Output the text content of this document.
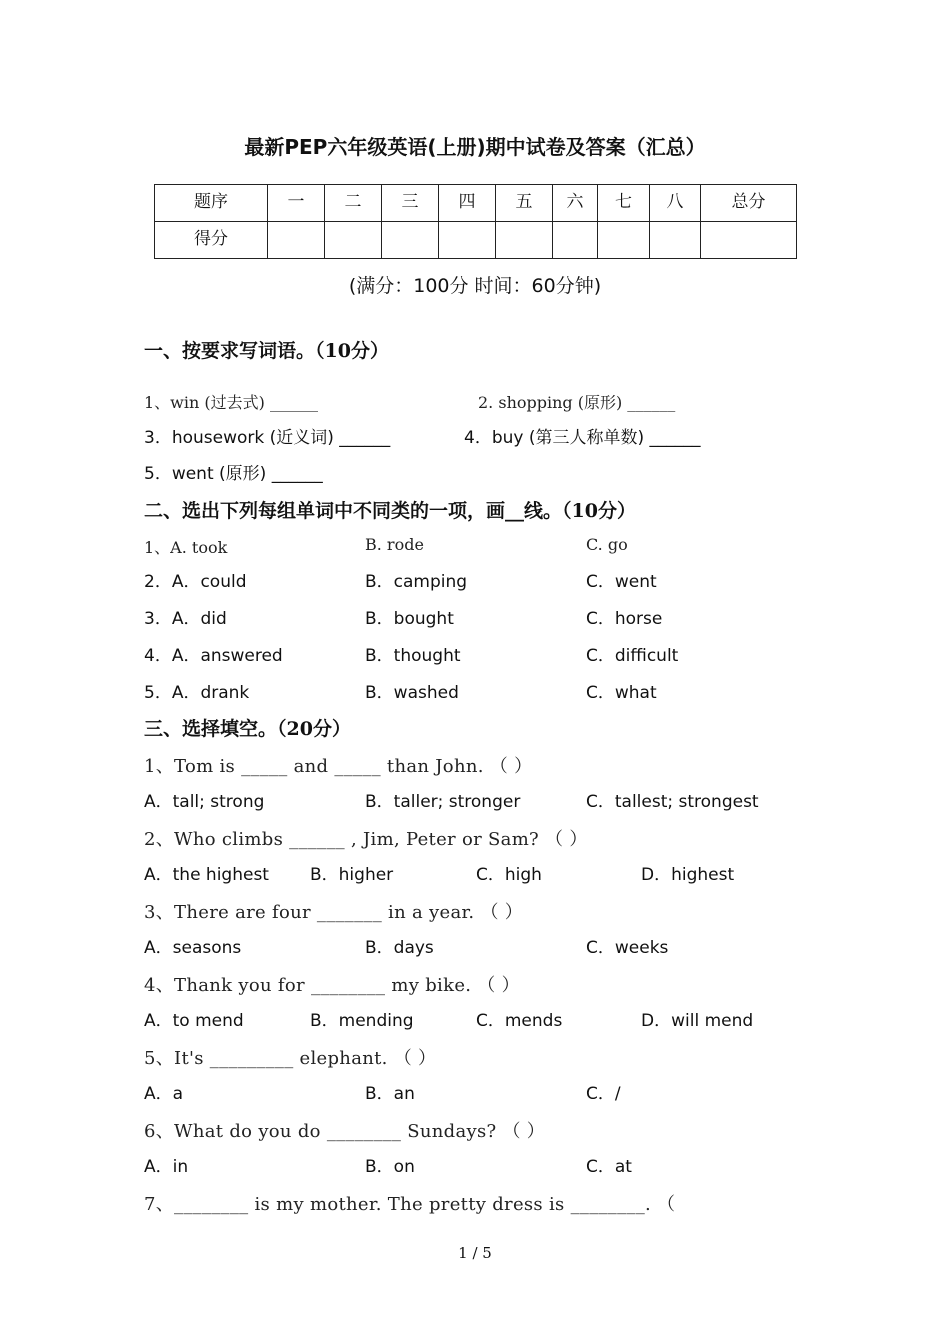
最新PEP六年级英语(上册)期中试卷及答案（汇总）
题序	一	二	三	四	五	六	七	八	总分
得分									
(满分：100分 时间：60分钟)
一、按要求写词语。（10分）
1、win (过去式) ______	2. shopping (原形) ______
3．housework (近义词) ______	4．buy (第三人称单数) ______
5．went (原形) ______
二、选出下列每组单词中不同类的一项，画__线。（10分）
1、A. took	B. rode	C. go
2．A．could	B．camping	C．went
3．A．did	B．bought	C．horse
4．A．answered	B．thought	C．difficult
5．A．drank	B．washed	C．what
三、选择填空。（20分）
1、Tom is _____ and _____ than John. （ ）
A．tall; strong	B．taller; stronger	C．tallest; strongest
2、Who climbs ______ , Jim, Peter or Sam? （ ）
A．the highest B．higher	C．high	D．highest
3、There are four _______ in a year. （ ）
A．seasons	B．days	C．weeks
4、Thank you for ________ my bike. （ ）
A．to mend	B．mending	C．mends	D．will mend
5、It's _________ elephant. （ ）
A．a	B．an	C．/
6、What do you do ________ Sundays? （ ）
A．in	B．on	C．at
7、________ is my mother. The pretty dress is ________. （
1 / 5
